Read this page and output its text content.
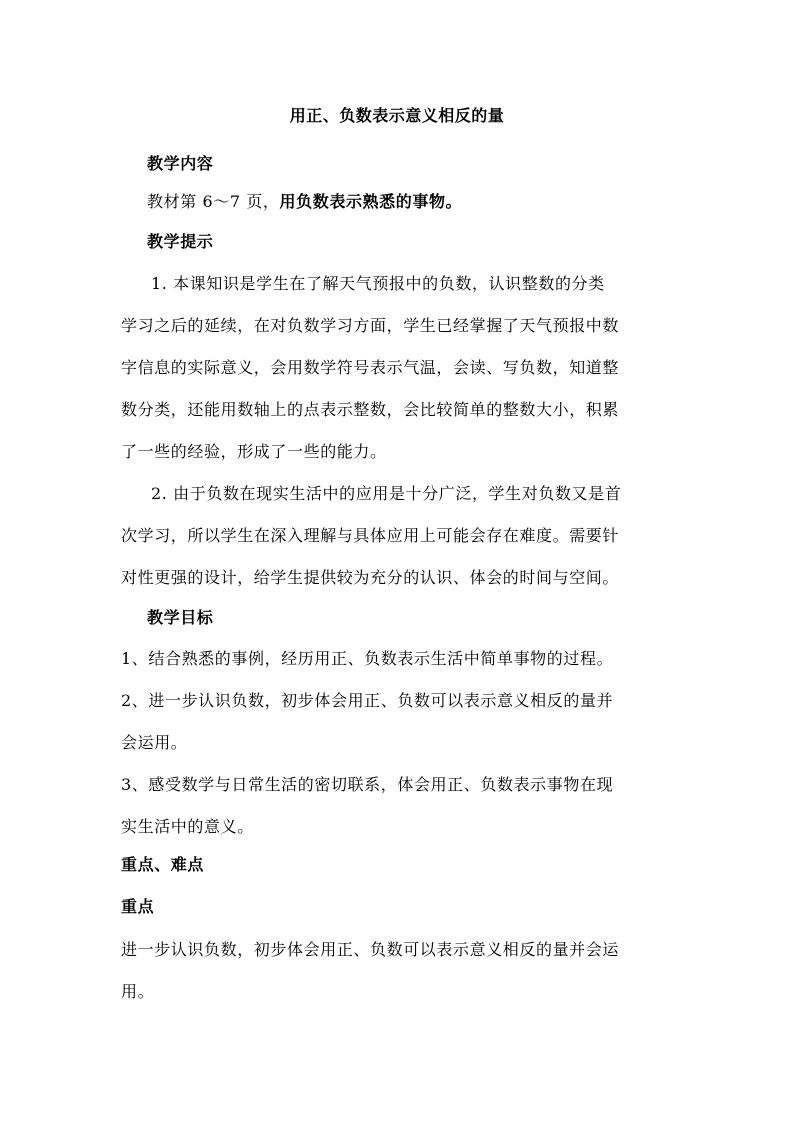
用正、负数表示意义相反的量
教学内容
教材第 6～7 页，用负数表示熟悉的事物。
教学提示
1. 本课知识是学生在了解天气预报中的负数，认识整数的分类
学习之后的延续，在对负数学习方面，学生已经掌握了天气预报中数
字信息的实际意义，会用数学符号表示气温，会读、写负数，知道整
数分类，还能用数轴上的点表示整数，会比较简单的整数大小，积累
了一些的经验，形成了一些的能力。
2. 由于负数在现实生活中的应用是十分广泛，学生对负数又是首
次学习，所以学生在深入理解与具体应用上可能会存在难度。需要针
对性更强的设计，给学生提供较为充分的认识、体会的时间与空间。
教学目标
1、结合熟悉的事例，经历用正、负数表示生活中简单事物的过程。
2、进一步认识负数，初步体会用正、负数可以表示意义相反的量并
会运用。
3、感受数学与日常生活的密切联系，体会用正、负数表示事物在现
实生活中的意义。
重点、难点
重点
进一步认识负数，初步体会用正、负数可以表示意义相反的量并会运
用。
